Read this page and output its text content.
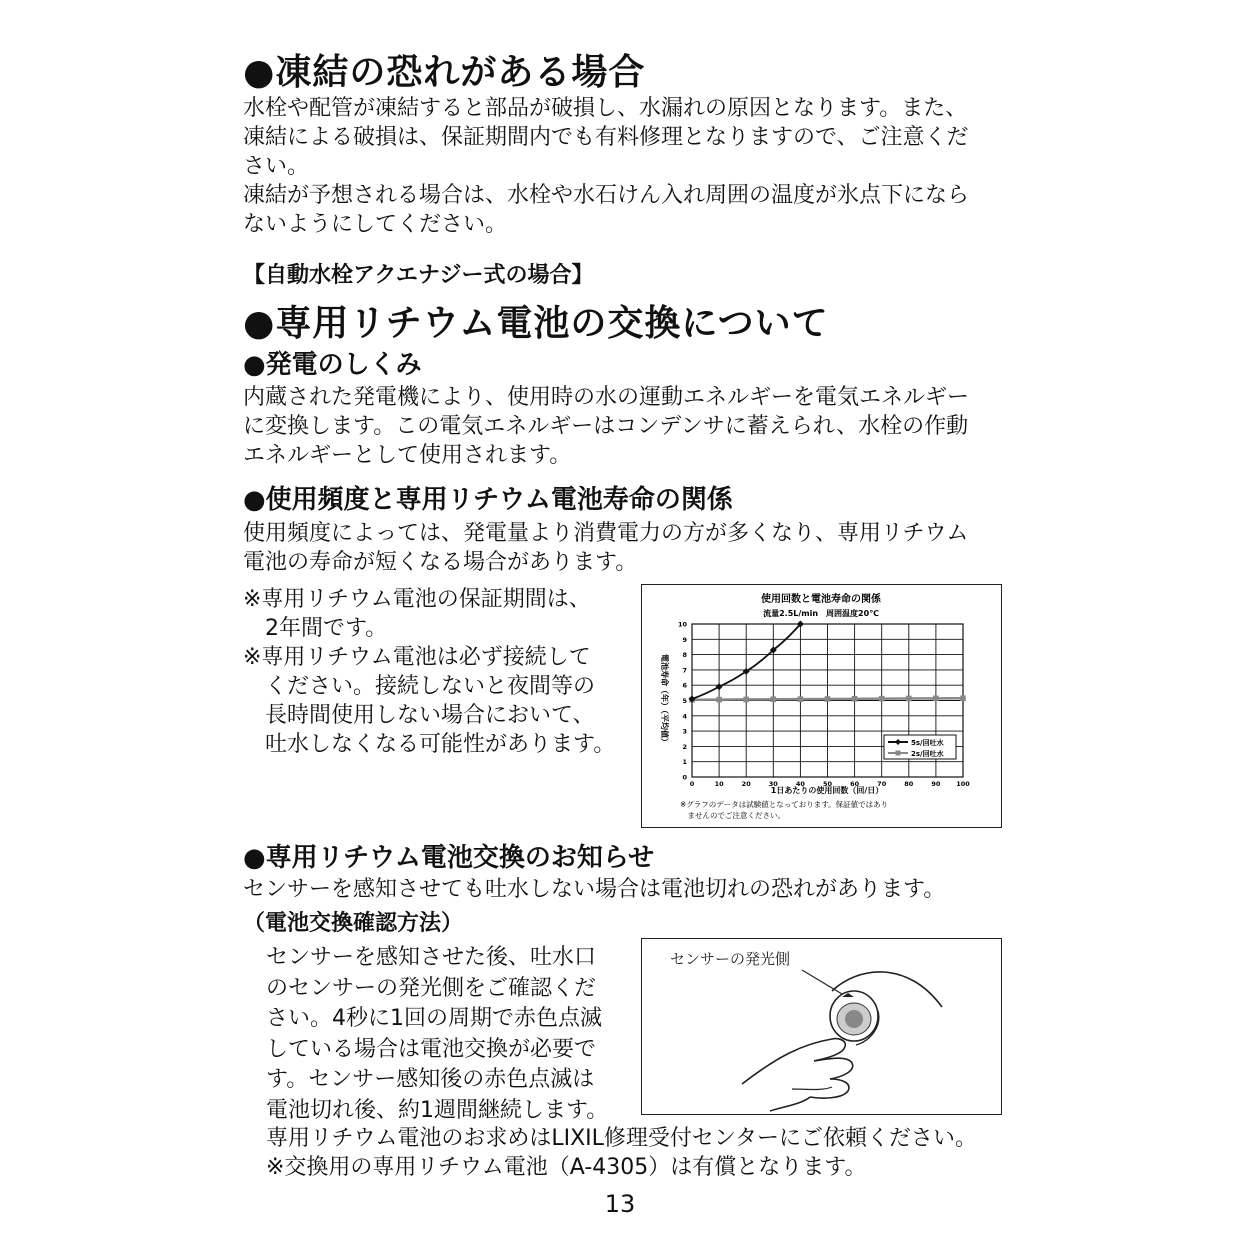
●凍結の恐れがある場合
水栓や配管が凍結すると部品が破損し、水漏れの原因となります。また、
凍結による破損は、保証期間内でも有料修理となりますので、ご注意くだ
さい。
凍結が予想される場合は、水栓や水石けん入れ周囲の温度が氷点下になら
ないようにしてください。
【自動水栓アクエナジー式の場合】
●専用リチウム電池の交換について
●発電のしくみ
内蔵された発電機により、使用時の水の運動エネルギーを電気エネルギー
に変換します。この電気エネルギーはコンデンサに蓄えられ、水栓の作動
エネルギーとして使用されます。
●使用頻度と専用リチウム電池寿命の関係
使用頻度によっては、発電量より消費電力の方が多くなり、専用リチウム
電池の寿命が短くなる場合があります。
※専用リチウム電池の保証期間は、
　2年間です。
※専用リチウム電池は必ず接続して
　ください。接続しないと夜間等の
　長時間使用しない場合において、
　吐水しなくなる可能性があります。
使用回数と電池寿命の関係
流量2.5L/min　周囲温度20℃
0	10	20	30	40	50	60	70	80	90 100
0
1
2
3
4
5
6
7
8
9
10
1日あたりの使用回数（回/日）
電池寿命（年）（平均値）	5s/回吐水
2s/回吐水
※グラフのデータは試験値となっております。保証値ではあり
　ませんのでご注意ください。
●専用リチウム電池交換のお知らせ
センサーを感知させても吐水しない場合は電池切れの恐れがあります。
（電池交換確認方法）
センサーを感知させた後、吐水口
のセンサーの発光側をご確認くだ
さい。4秒に1回の周期で赤色点滅
している場合は電池交換が必要で
す。センサー感知後の赤色点滅は
電池切れ後、約1週間継続します。
センサーの発光側
専用リチウム電池のお求めはLIXIL修理受付センターにご依頼ください。
※交換用の専用リチウム電池（A-4305）は有償となります。
13
